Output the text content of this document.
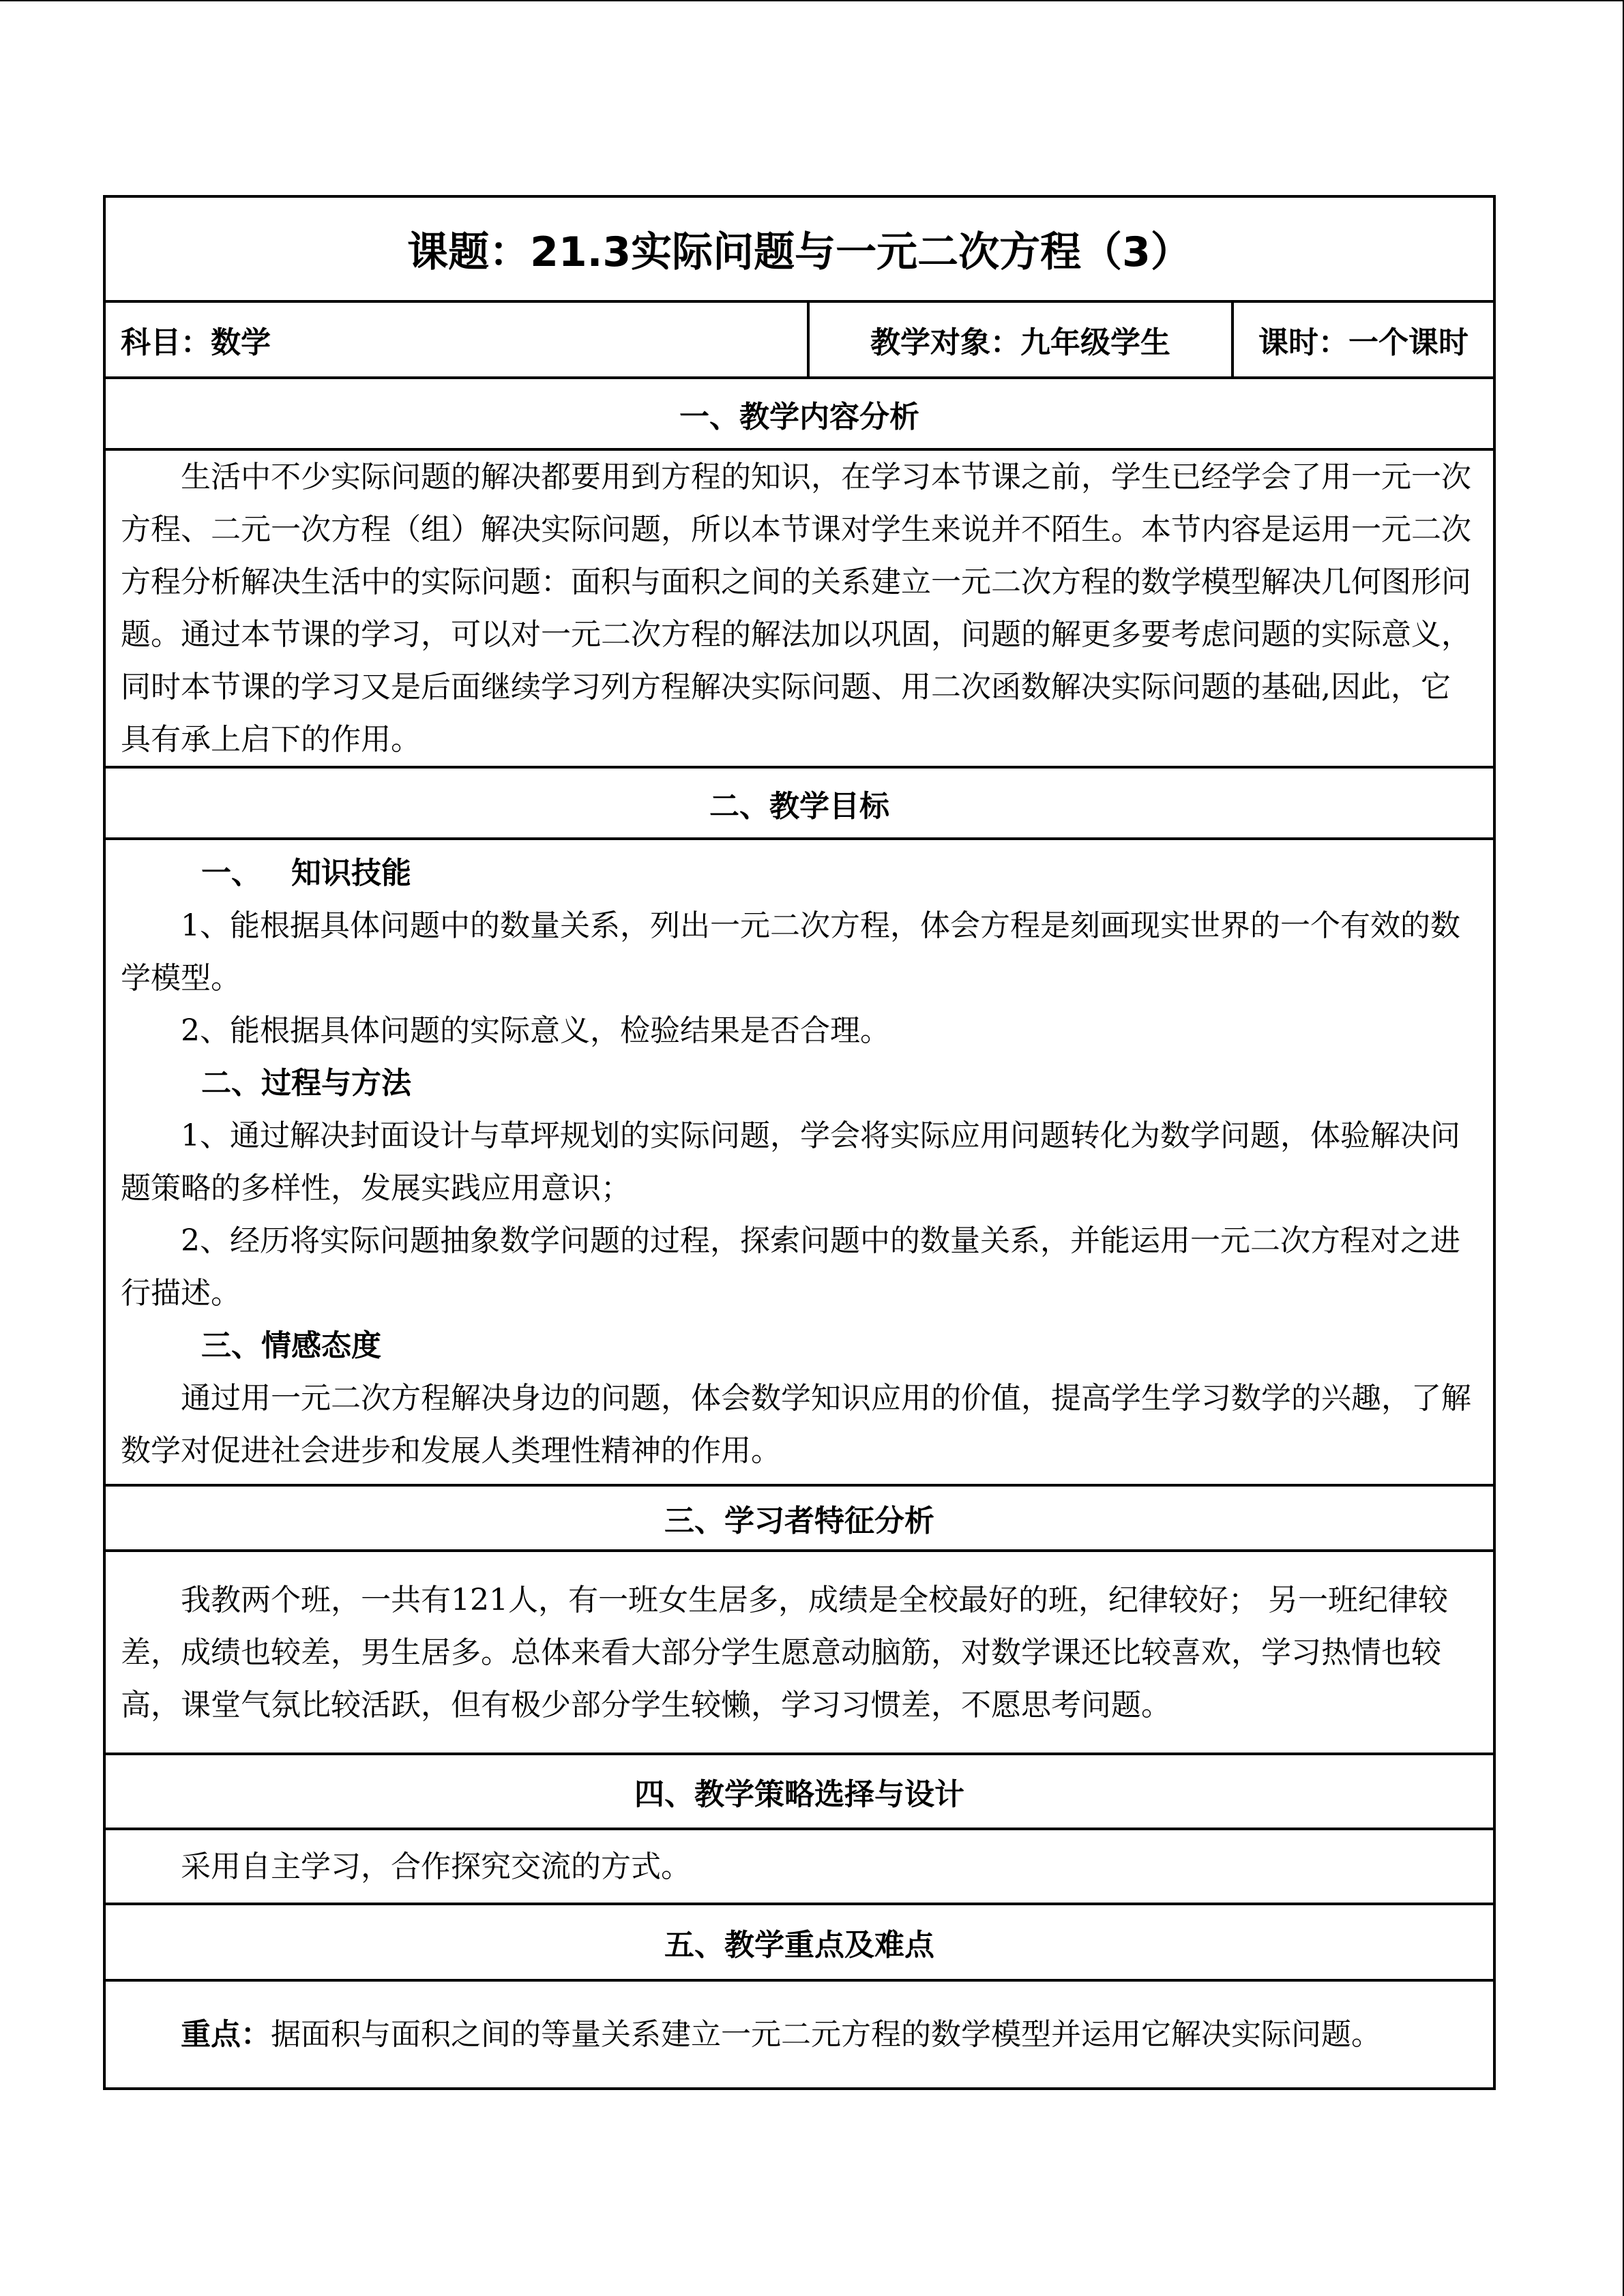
课题：21.3实际问题与一元二次方程（3）
科目：数学	教学对象：九年级学生	课时：一个课时
一、教学内容分析

生活中不少实际问题的解决都要用到方程的知识，在学习本节课之前，学生已经学会了用一元一次方程、二元一次方程（组）解决实际问题，所以本节课对学生来说并不陌生。本节内容是运用一元二次方程分析解决生活中的实际问题：面积与面积之间的关系建立一元二次方程的数学模型解决几何图形问题。通过本节课的学习，可以对一元二次方程的解法加以巩固，问题的解更多要考虑问题的实际意义，同时本节课的学习又是后面继续学习列方程解决实际问题、用二次函数解决实际问题的基础,因此，它具有承上启下的作用。

二、教学目标

一、 知识技能

1、能根据具体问题中的数量关系，列出一元二次方程，体会方程是刻画现实世界的一个有效的数学模型。

2、能根据具体问题的实际意义，检验结果是否合理。

二、过程与方法

1、通过解决封面设计与草坪规划的实际问题，学会将实际应用问题转化为数学问题，体验解决问题策略的多样性，发展实践应用意识；

2、经历将实际问题抽象数学问题的过程，探索问题中的数量关系，并能运用一元二次方程对之进行描述。

三、情感态度

通过用一元二次方程解决身边的问题，体会数学知识应用的价值，提高学生学习数学的兴趣，了解数学对促进社会进步和发展人类理性精神的作用。

三、学习者特征分析

我教两个班，一共有121人，有一班女生居多，成绩是全校最好的班，纪律较好； 另一班纪律较差，成绩也较差，男生居多。总体来看大部分学生愿意动脑筋，对数学课还比较喜欢，学习热情也较高，课堂气氛比较活跃，但有极少部分学生较懒，学习习惯差，不愿思考问题。

四、教学策略选择与设计

采用自主学习，合作探究交流的方式。

五、教学重点及难点

重点：据面积与面积之间的等量关系建立一元二元方程的数学模型并运用它解决实际问题。
